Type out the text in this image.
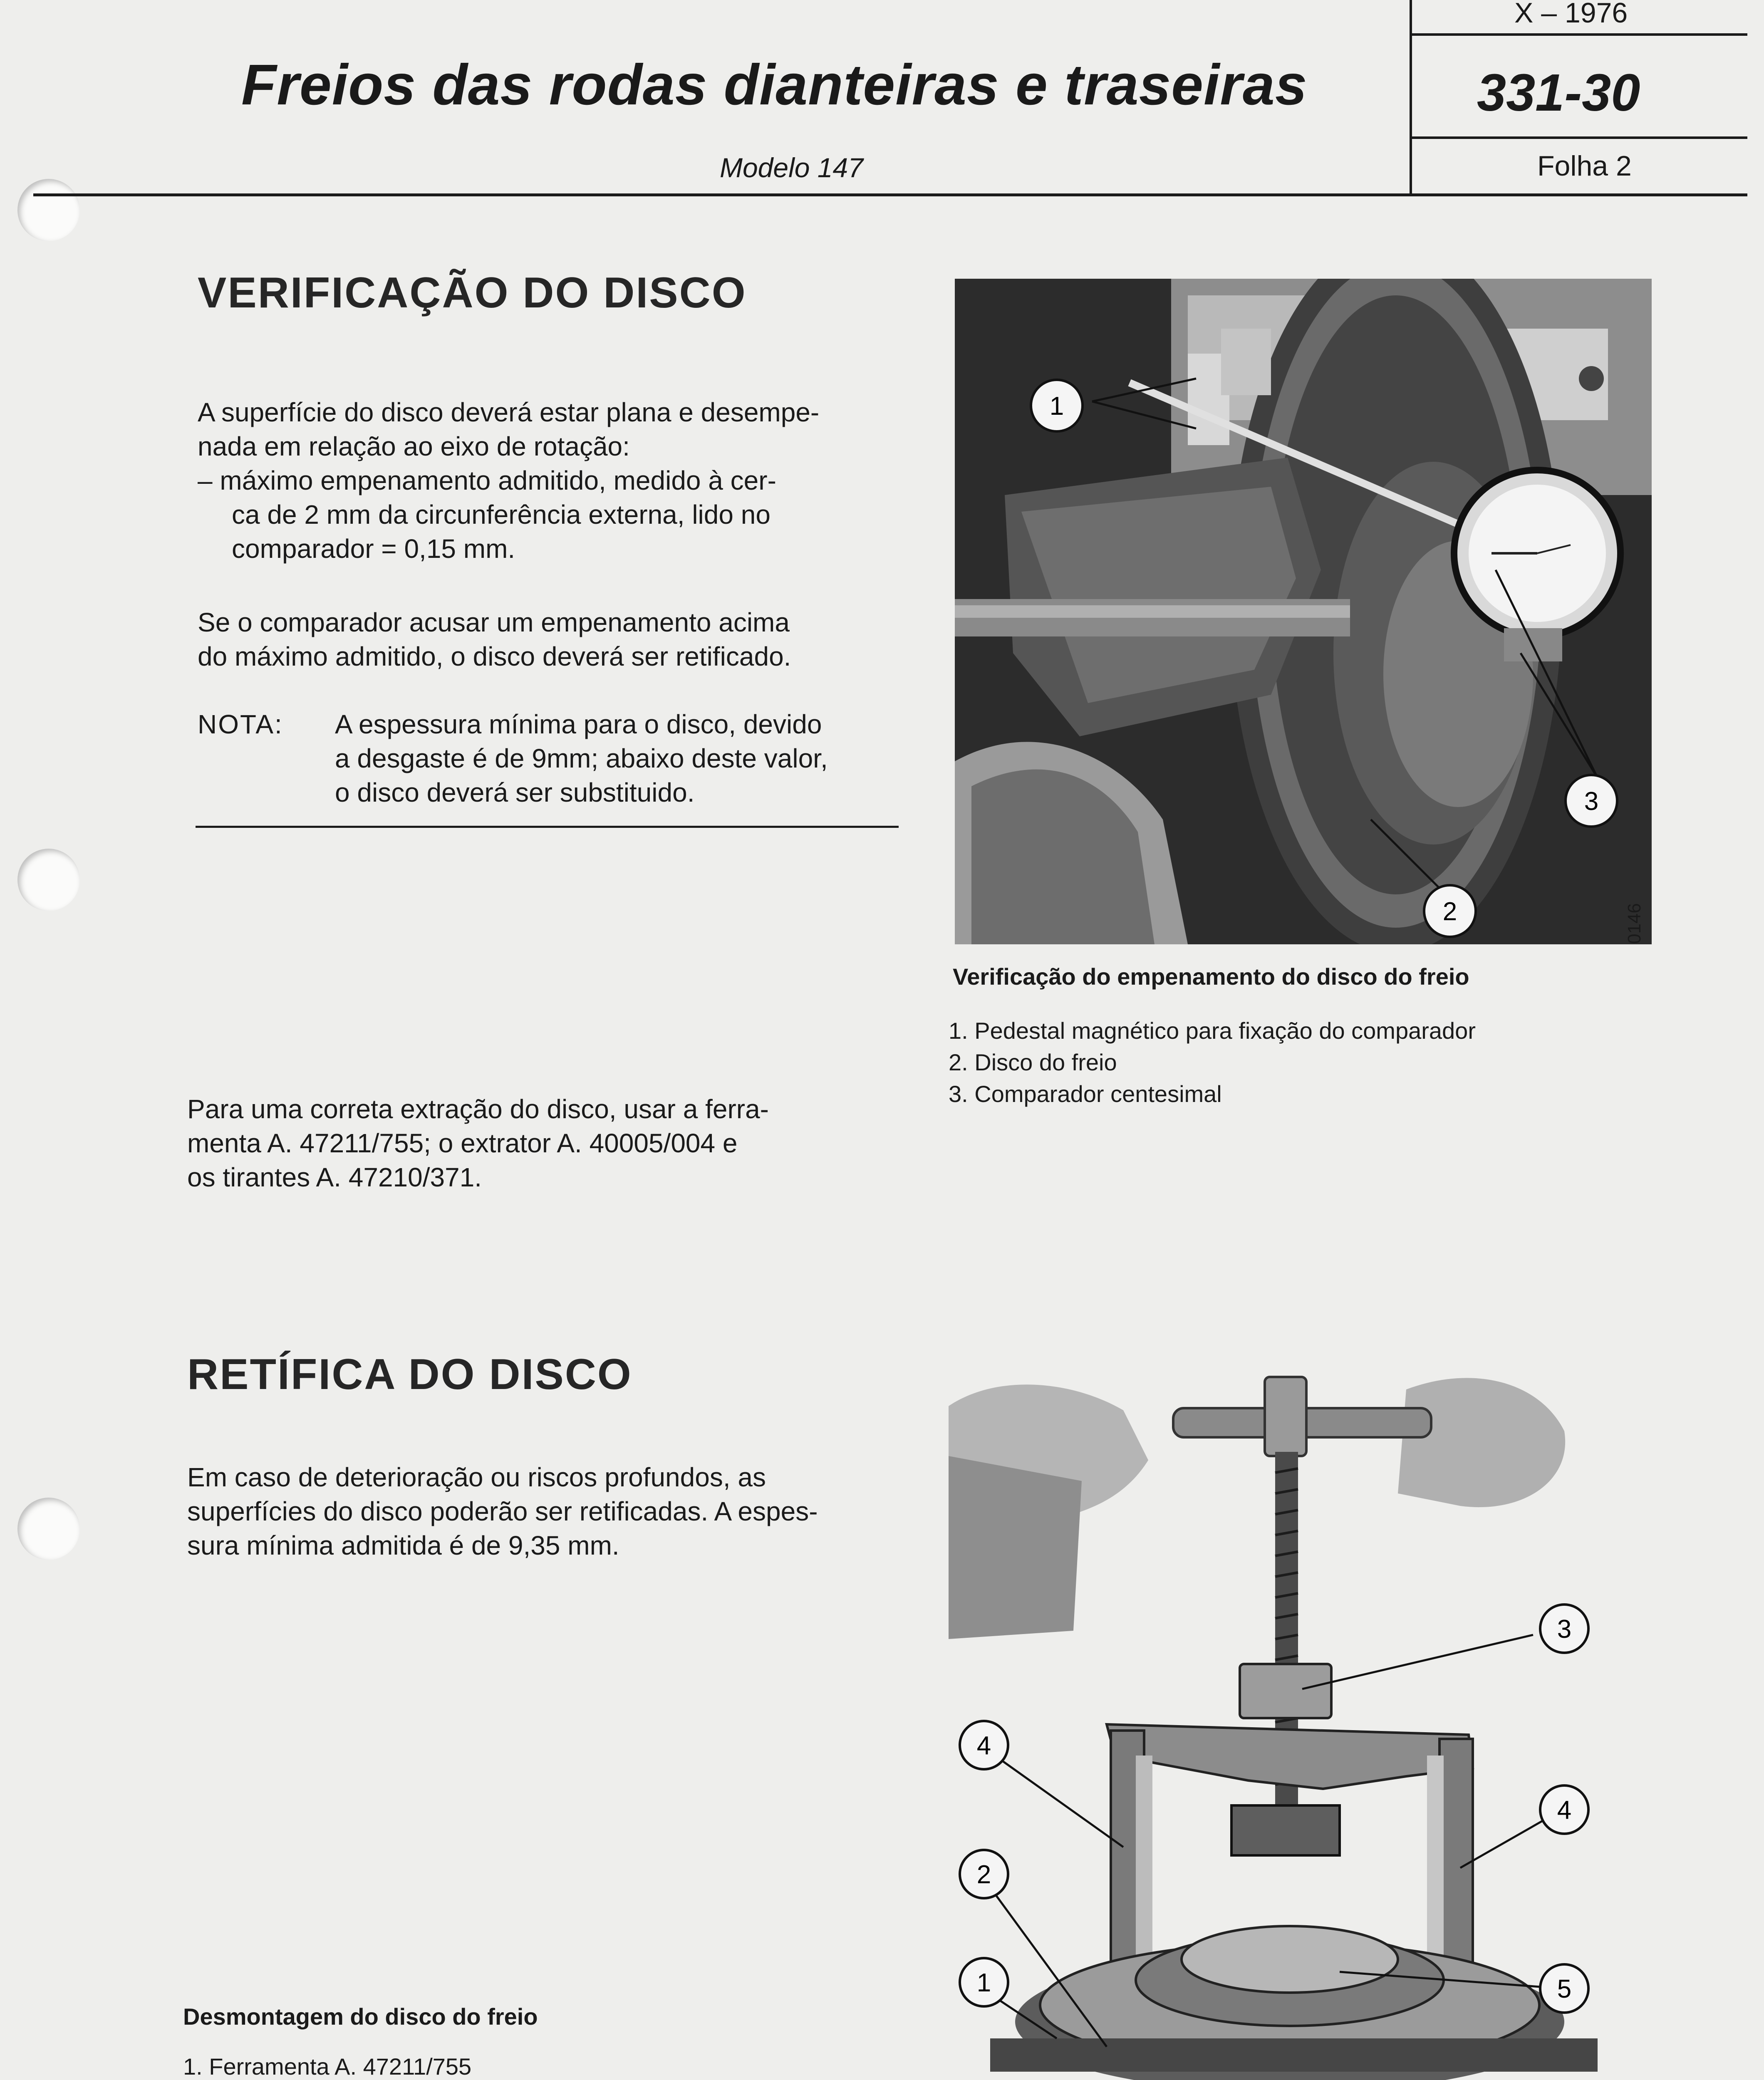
Freios das rodas dianteiras e traseiras
Modelo 147
X – 1976
331-30
Folha 2
VERIFICAÇÃO DO DISCO
A superfície do disco deverá estar plana e desempe-
nada em relação ao eixo de rotação:
– máximo empenamento admitido, medido à cer-
ca de 2 mm da circunferência externa, lido no
comparador = 0,15 mm.
Se o comparador acusar um empenamento acima
do máximo admitido, o disco deverá ser retificado.
NOTA: A espessura mínima para o disco, devido
a desgaste é de 9mm; abaixo deste valor,
o disco deverá ser substituido.
Para uma correta extração do disco, usar a ferra-
menta A. 47211/755; o extrator A. 40005/004 e
os tirantes A. 47210/371.
1
3
2	0146
Verificação do empenamento do disco do freio
1. Pedestal magnético para fixação do comparador
2. Disco do freio
3. Comparador centesimal
RETÍFICA DO DISCO
Em caso de deterioração ou riscos profundos, as
superfícies do disco poderão ser retificadas. A espes-
sura mínima admitida é de 9,35 mm.
3
4
4
2
1	5
Desmontagem do disco do freio
1. Ferramenta A. 47211/755
